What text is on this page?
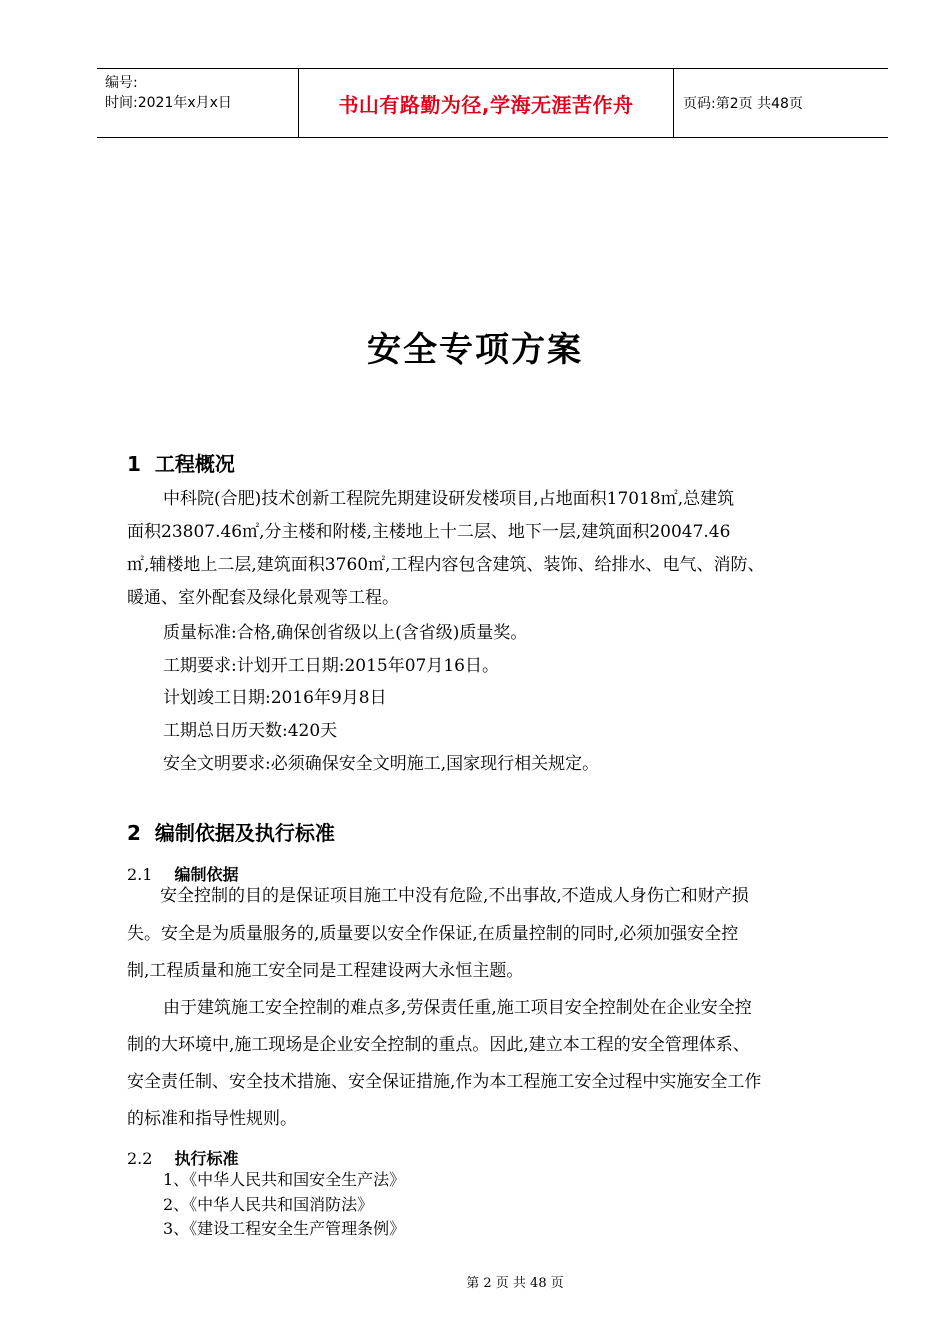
编号:
时间:2021年x月x日	书山有路勤为径,学海无涯苦作舟	页码:第2页 共48页
安全专项方案
1 工程概况
中科院(合肥)技术创新工程院先期建设研发楼项目,占地面积17018㎡,总建筑
面积23807.46㎡,分主楼和附楼,主楼地上十二层、地下一层,建筑面积20047.46
㎡,辅楼地上二层,建筑面积3760㎡,工程内容包含建筑、装饰、给排水、电气、消防、
暖通、室外配套及绿化景观等工程。
质量标准:合格,确保创省级以上(含省级)质量奖。
工期要求:计划开工日期:2015年07月16日。
计划竣工日期:2016年9月8日
工期总日历天数:420天
安全文明要求:必须确保安全文明施工,国家现行相关规定。
2 编制依据及执行标准
2.1 编制依据
安全控制的目的是保证项目施工中没有危险,不出事故,不造成人身伤亡和财产损
失。安全是为质量服务的,质量要以安全作保证,在质量控制的同时,必须加强安全控
制,工程质量和施工安全同是工程建设两大永恒主题。
由于建筑施工安全控制的难点多,劳保责任重,施工项目安全控制处在企业安全控
制的大环境中,施工现场是企业安全控制的重点。因此,建立本工程的安全管理体系、
安全责任制、安全技术措施、安全保证措施,作为本工程施工安全过程中实施安全工作
的标准和指导性规则。
2.2 执行标准
1、《中华人民共和国安全生产法》
2、《中华人民共和国消防法》
3、《建设工程安全生产管理条例》
第 2 页 共 48 页
